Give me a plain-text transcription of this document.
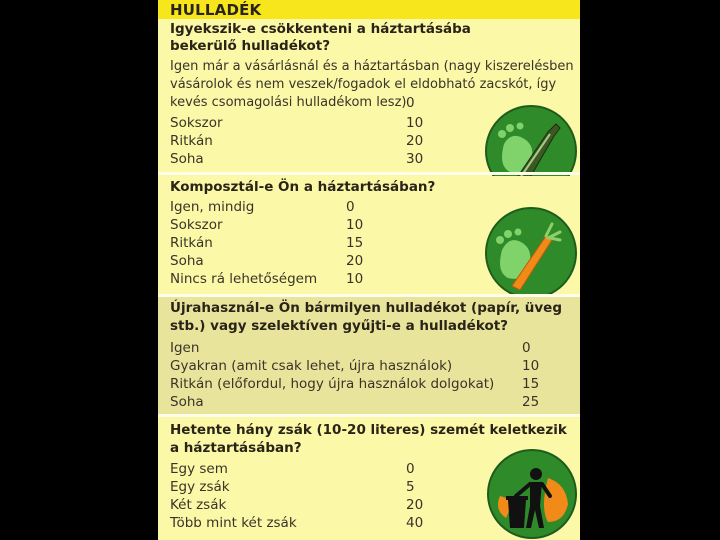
HULLADÉK
Igyekszik-e csökkenteni a háztartásába
bekerülő hulladékot?
Igen már a vásárlásnál és a háztartásban (nagy kiszerelésben
vásárolok és nem veszek/fogadok el eldobható zacskót, így
kevés csomagolási hulladékom lesz) 0
Sokszor	10
Ritkán	20
Soha	30
Komposztál-e Ön a háztartásában?
Igen, mindig	0
Sokszor	10
Ritkán	15
Soha	20
Nincs rá lehetőségem 10
Újrahasznál-e Ön bármilyen hulladékot (papír, üveg
stb.) vagy szelektíven gyűjti-e a hulladékot?
Igen	0
Gyakran (amit csak lehet, újra használok)	10
Ritkán (előfordul, hogy újra használok dolgokat) 15
Soha	25
Hetente hány zsák (10-20 literes) szemét keletkezik
a háztartásában?
Egy sem	0
Egy zsák	5
Két zsák	20
Több mint két zsák	40
